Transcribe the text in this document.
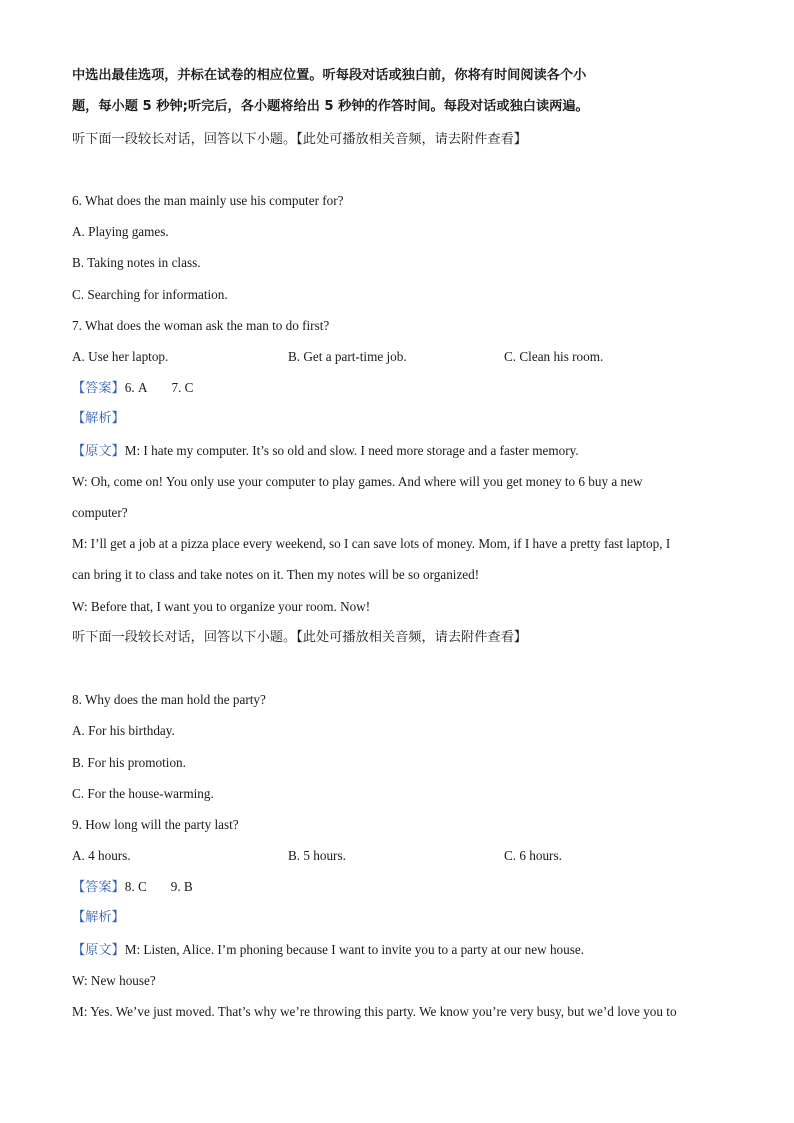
中选出最佳选项，并标在试卷的相应位置。听每段对话或独白前，你将有时间阅读各个小
题，每小题 5 秒钟;听完后，各小题将给出 5 秒钟的作答时间。每段对话或独白读两遍。
听下面一段较长对话，回答以下小题。【此处可播放相关音频，请去附件查看】
6. What does the man mainly use his computer for?
A. Playing games.
B. Taking notes in class.
C. Searching for information.
7. What does the woman ask the man to do first?
A. Use her laptop.	B. Get a part-time job.	C. Clean his room.
【答案】6. A 7. C
【解析】
【原文】M: I hate my computer. It’s so old and slow. I need more storage and a faster memory.
W: Oh, come on! You only use your computer to play games. And where will you get money to 6 buy a new
computer?
M: I’ll get a job at a pizza place every weekend, so I can save lots of money. Mom, if I have a pretty fast laptop, I
can bring it to class and take notes on it. Then my notes will be so organized!
W: Before that, I want you to organize your room. Now!
听下面一段较长对话，回答以下小题。【此处可播放相关音频，请去附件查看】
8. Why does the man hold the party?
A. For his birthday.
B. For his promotion.
C. For the house-warming.
9. How long will the party last?
A. 4 hours.	B. 5 hours.	C. 6 hours.
【答案】8. C 9. B
【解析】
【原文】M: Listen, Alice. I’m phoning because I want to invite you to a party at our new house.
W: New house?
M: Yes. We’ve just moved. That’s why we’re throwing this party. We know you’re very busy, but we’d love you to
